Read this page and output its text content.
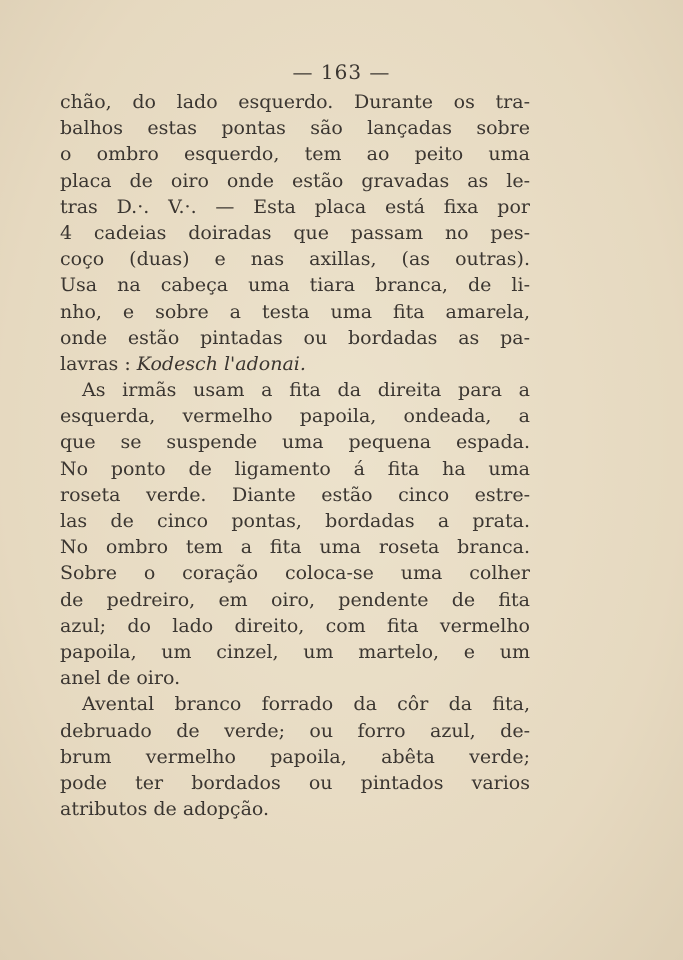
— 163 —
chão, do lado esquerdo. Durante os tra-
balhos estas pontas são lançadas sobre
o ombro esquerdo, tem ao peito uma
placa de oiro onde estão gravadas as le-
tras D.·. V.·. — Esta placa está fixa por
4 cadeias doiradas que passam no pes-
coço (duas) e nas axillas, (as outras).
Usa na cabeça uma tiara branca, de li-
nho, e sobre a testa uma fita amarela,
onde estão pintadas ou bordadas as pa-
lavras : Kodesch l'adonai.
As irmãs usam a fita da direita para a
esquerda, vermelho papoila, ondeada, a
que se suspende uma pequena espada.
No ponto de ligamento á fita ha uma
roseta verde. Diante estão cinco estre-
las de cinco pontas, bordadas a prata.
No ombro tem a fita uma roseta branca.
Sobre o coração coloca-se uma colher
de pedreiro, em oiro, pendente de fita
azul; do lado direito, com fita vermelho
papoila, um cinzel, um martelo, e um
anel de oiro.
Avental branco forrado da côr da fita,
debruado de verde; ou forro azul, de-
brum vermelho papoila, abêta verde;
pode ter bordados ou pintados varios
atributos de adopção.
